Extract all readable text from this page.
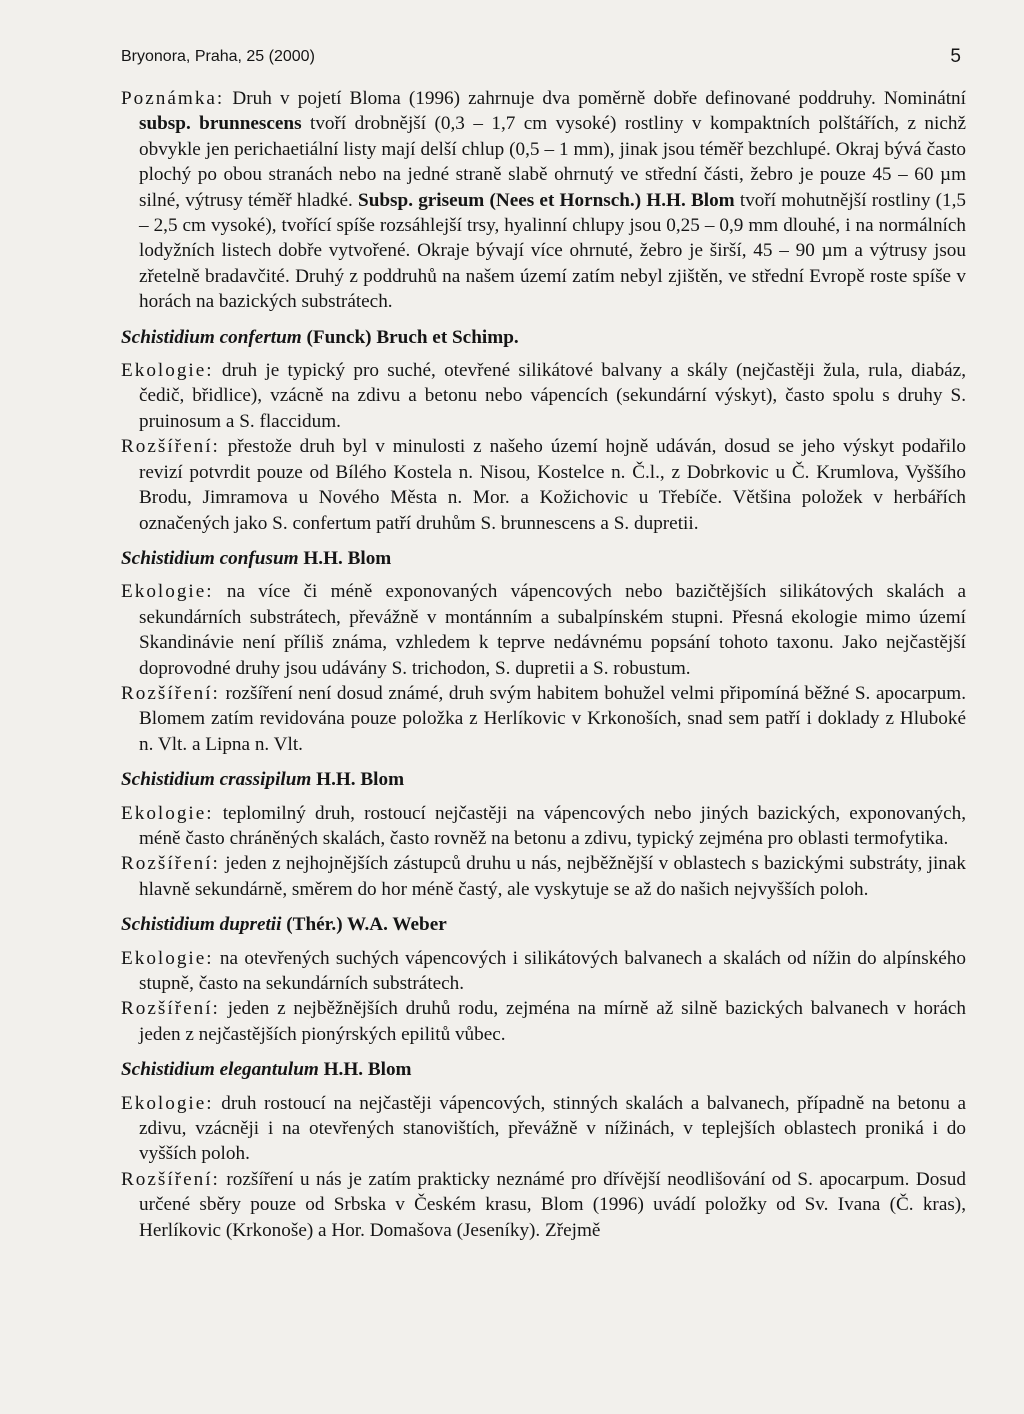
Bryonora, Praha, 25 (2000)	5

Poznámka: Druh v pojetí Bloma (1996) zahrnuje dva poměrně dobře definované poddruhy. Nominátní subsp. brunnescens tvoří drobnější (0,3 – 1,7 cm vysoké) rostliny v kompaktních polštářích, z nichž obvykle jen perichaetiální listy mají delší chlup (0,5 – 1 mm), jinak jsou téměř bezchlupé. Okraj bývá často plochý po obou stranách nebo na jedné straně slabě ohrnutý ve střední části, žebro je pouze 45 – 60 µm silné, výtrusy téměř hladké. Subsp. griseum (Nees et Hornsch.) H.H. Blom tvoří mohutnější rostliny (1,5 – 2,5 cm vysoké), tvořící spíše rozsáhlejší trsy, hyalinní chlupy jsou 0,25 – 0,9 mm dlouhé, i na normálních lodyžních listech dobře vytvořené. Okraje bývají více ohrnuté, žebro je širší, 45 – 90 µm a výtrusy jsou zřetelně bradavčité. Druhý z poddruhů na našem území zatím nebyl zjištěn, ve střední Evropě roste spíše v horách na bazických substrátech.

Schistidium confertum (Funck) Bruch et Schimp.

Ekologie: druh je typický pro suché, otevřené silikátové balvany a skály (nejčastěji žula, rula, diabáz, čedič, břidlice), vzácně na zdivu a betonu nebo vápencích (sekundární výskyt), často spolu s druhy S. pruinosum a S. flaccidum.

Rozšíření: přestože druh byl v minulosti z našeho území hojně udáván, dosud se jeho výskyt podařilo revizí potvrdit pouze od Bílého Kostela n. Nisou, Kostelce n. Č.l., z Dobrkovic u Č. Krumlova, Vyššího Brodu, Jimramova u Nového Města n. Mor. a Kožichovic u Třebíče. Většina položek v herbářích označených jako S. confertum patří druhům S. brunnescens a S. dupretii.

Schistidium confusum H.H. Blom

Ekologie: na více či méně exponovaných vápencových nebo bazičtějších silikátových skalách a sekundárních substrátech, převážně v montánním a subalpínském stupni. Přesná ekologie mimo území Skandinávie není příliš známa, vzhledem k teprve nedávnému popsání tohoto taxonu. Jako nejčastější doprovodné druhy jsou udávány S. trichodon, S. dupretii a S. robustum.

Rozšíření: rozšíření není dosud známé, druh svým habitem bohužel velmi připomíná běžné S. apocarpum. Blomem zatím revidována pouze položka z Herlíkovic v Krkonoších, snad sem patří i doklady z Hluboké n. Vlt. a Lipna n. Vlt.

Schistidium crassipilum H.H. Blom

Ekologie: teplomilný druh, rostoucí nejčastěji na vápencových nebo jiných bazických, exponovaných, méně často chráněných skalách, často rovněž na betonu a zdivu, typický zejména pro oblasti termofytika.

Rozšíření: jeden z nejhojnějších zástupců druhu u nás, nejběžnější v oblastech s bazickými substráty, jinak hlavně sekundárně, směrem do hor méně častý, ale vyskytuje se až do našich nejvyšších poloh.

Schistidium dupretii (Thér.) W.A. Weber

Ekologie: na otevřených suchých vápencových i silikátových balvanech a skalách od nížin do alpínského stupně, často na sekundárních substrátech.

Rozšíření: jeden z nejběžnějších druhů rodu, zejména na mírně až silně bazických balvanech v horách jeden z nejčastějších pionýrských epilitů vůbec.

Schistidium elegantulum H.H. Blom

Ekologie: druh rostoucí na nejčastěji vápencových, stinných skalách a balvanech, případně na betonu a zdivu, vzácněji i na otevřených stanovištích, převážně v nížinách, v teplejších oblastech proniká i do vyšších poloh.

Rozšíření: rozšíření u nás je zatím prakticky neznámé pro dřívější neodlišování od S. apocarpum. Dosud určené sběry pouze od Srbska v Českém krasu, Blom (1996) uvádí položky od Sv. Ivana (Č. kras), Herlíkovic (Krkonoše) a Hor. Domašova (Jeseníky). Zřejmě
